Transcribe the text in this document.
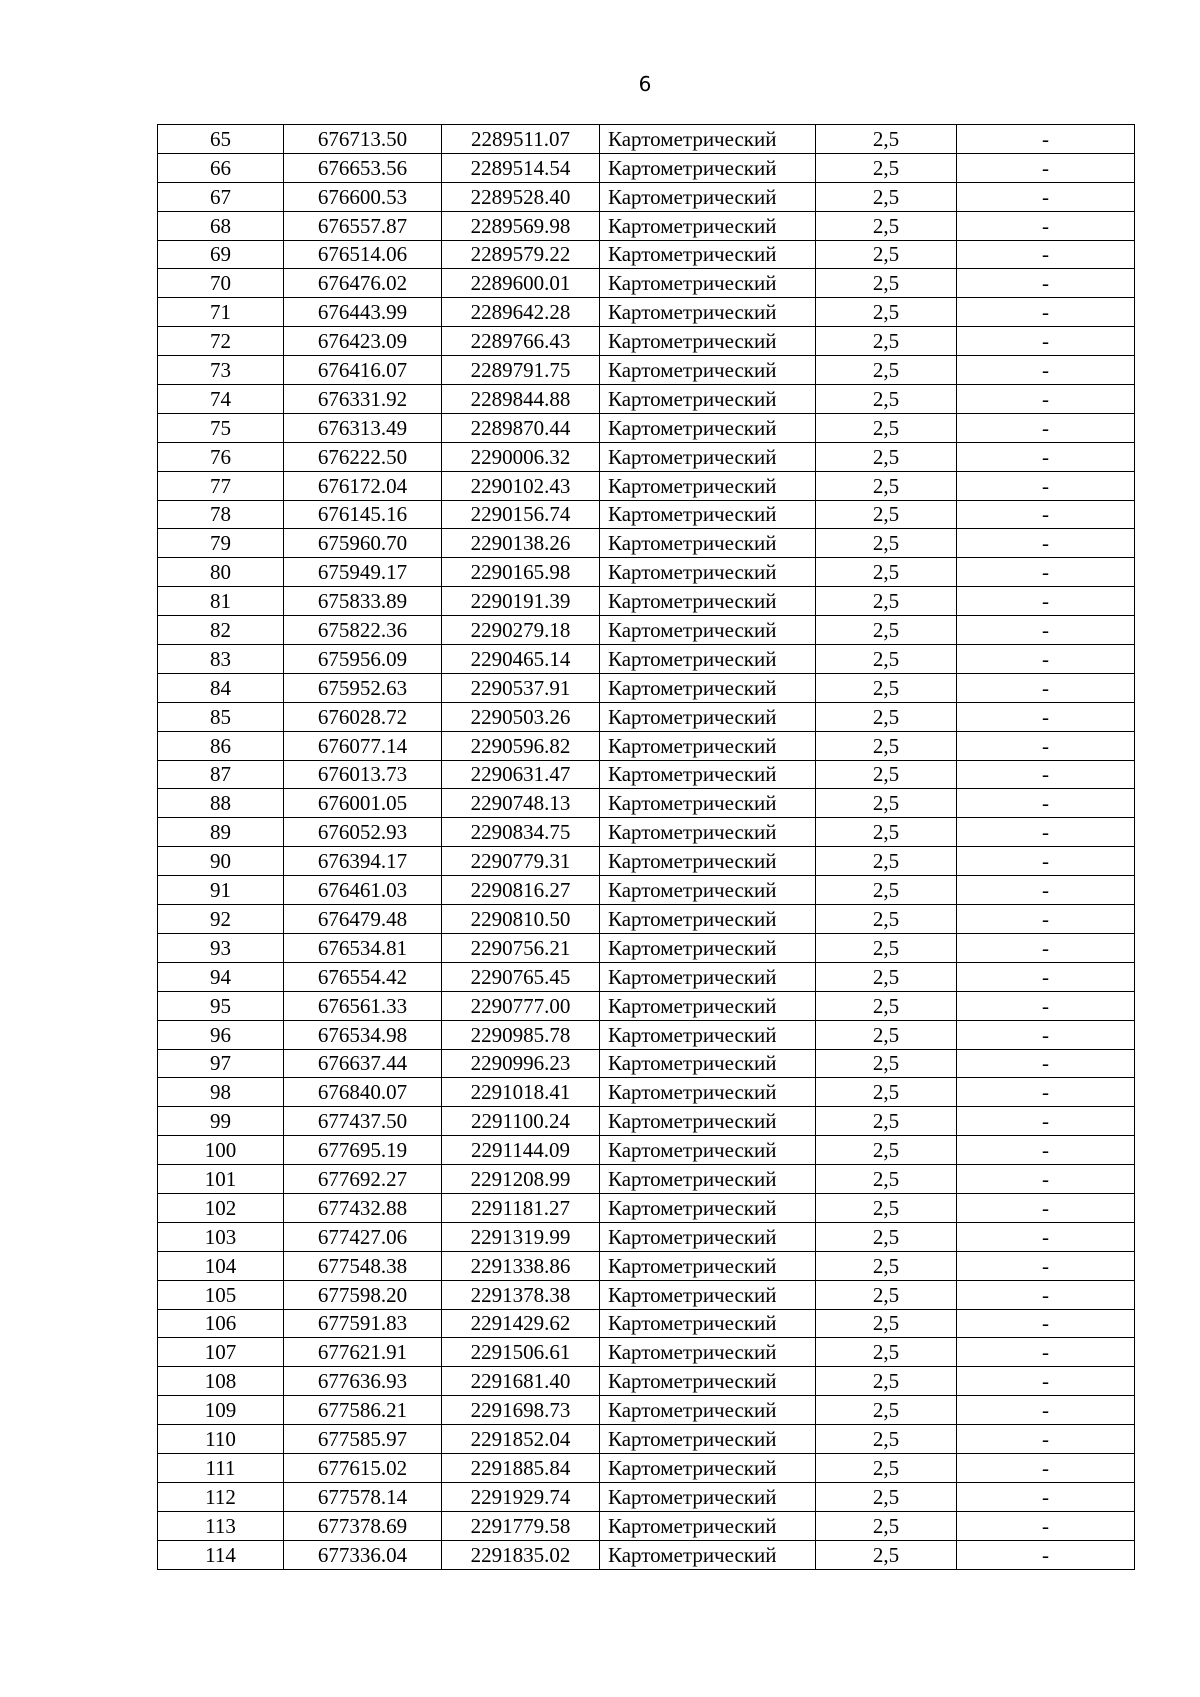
6
65	676713.50	2289511.07	Картометрический	2,5	-
66	676653.56	2289514.54	Картометрический	2,5	-
67	676600.53	2289528.40	Картометрический	2,5	-
68	676557.87	2289569.98	Картометрический	2,5	-
69	676514.06	2289579.22	Картометрический	2,5	-
70	676476.02	2289600.01	Картометрический	2,5	-
71	676443.99	2289642.28	Картометрический	2,5	-
72	676423.09	2289766.43	Картометрический	2,5	-
73	676416.07	2289791.75	Картометрический	2,5	-
74	676331.92	2289844.88	Картометрический	2,5	-
75	676313.49	2289870.44	Картометрический	2,5	-
76	676222.50	2290006.32	Картометрический	2,5	-
77	676172.04	2290102.43	Картометрический	2,5	-
78	676145.16	2290156.74	Картометрический	2,5	-
79	675960.70	2290138.26	Картометрический	2,5	-
80	675949.17	2290165.98	Картометрический	2,5	-
81	675833.89	2290191.39	Картометрический	2,5	-
82	675822.36	2290279.18	Картометрический	2,5	-
83	675956.09	2290465.14	Картометрический	2,5	-
84	675952.63	2290537.91	Картометрический	2,5	-
85	676028.72	2290503.26	Картометрический	2,5	-
86	676077.14	2290596.82	Картометрический	2,5	-
87	676013.73	2290631.47	Картометрический	2,5	-
88	676001.05	2290748.13	Картометрический	2,5	-
89	676052.93	2290834.75	Картометрический	2,5	-
90	676394.17	2290779.31	Картометрический	2,5	-
91	676461.03	2290816.27	Картометрический	2,5	-
92	676479.48	2290810.50	Картометрический	2,5	-
93	676534.81	2290756.21	Картометрический	2,5	-
94	676554.42	2290765.45	Картометрический	2,5	-
95	676561.33	2290777.00	Картометрический	2,5	-
96	676534.98	2290985.78	Картометрический	2,5	-
97	676637.44	2290996.23	Картометрический	2,5	-
98	676840.07	2291018.41	Картометрический	2,5	-
99	677437.50	2291100.24	Картометрический	2,5	-
100	677695.19	2291144.09	Картометрический	2,5	-
101	677692.27	2291208.99	Картометрический	2,5	-
102	677432.88	2291181.27	Картометрический	2,5	-
103	677427.06	2291319.99	Картометрический	2,5	-
104	677548.38	2291338.86	Картометрический	2,5	-
105	677598.20	2291378.38	Картометрический	2,5	-
106	677591.83	2291429.62	Картометрический	2,5	-
107	677621.91	2291506.61	Картометрический	2,5	-
108	677636.93	2291681.40	Картометрический	2,5	-
109	677586.21	2291698.73	Картометрический	2,5	-
110	677585.97	2291852.04	Картометрический	2,5	-
111	677615.02	2291885.84	Картометрический	2,5	-
112	677578.14	2291929.74	Картометрический	2,5	-
113	677378.69	2291779.58	Картометрический	2,5	-
114	677336.04	2291835.02	Картометрический	2,5	-
